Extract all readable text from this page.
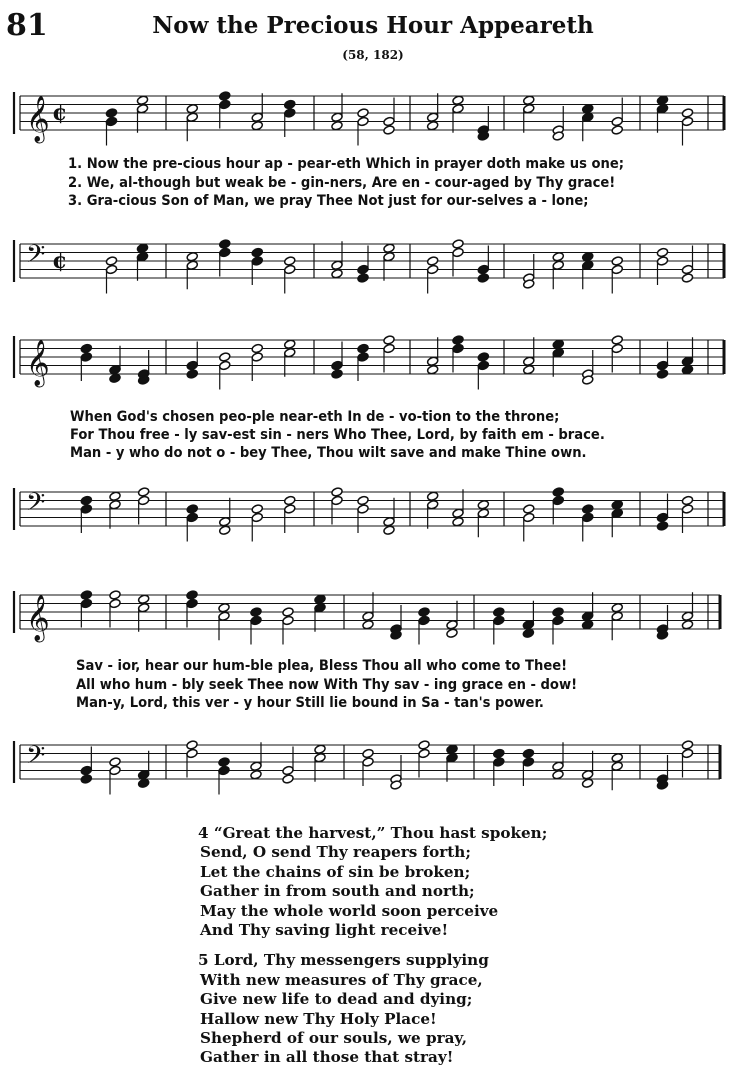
81	Now the Precious Hour Appeareth
(58, 182)
𝄞 ¢
1. Now the pre-cious hour ap - pear-eth Which in prayer doth make us one;
2. We, al-though but weak be - gin-ners, Are en - cour-aged by Thy grace!
3. Gra-cious Son of Man, we pray Thee Not just for our-selves a - lone;
𝄢 ¢
𝄞
When God's chosen peo-ple near-eth In de - vo-tion to the throne;
For Thou free - ly sav-est sin - ners Who Thee, Lord, by faith em - brace.
Man - y who do not o - bey Thee, Thou wilt save and make Thine own.
𝄢
𝄞
Sav - ior, hear our hum-ble plea, Bless Thou all who come to Thee!
All who hum - bly seek Thee now With Thy sav - ing grace en - dow!
Man-y, Lord, this ver - y hour Still lie bound in Sa - tan's power.
𝄢
4 “Great the harvest,” Thou hast spoken;
Send, O send Thy reapers forth;
Let the chains of sin be broken;
Gather in from south and north;
May the whole world soon perceive
And Thy saving light receive!
5 Lord, Thy messengers supplying
With new measures of Thy grace,
Give new life to dead and dying;
Hallow new Thy Holy Place!
Shepherd of our souls, we pray,
Gather in all those that stray!
